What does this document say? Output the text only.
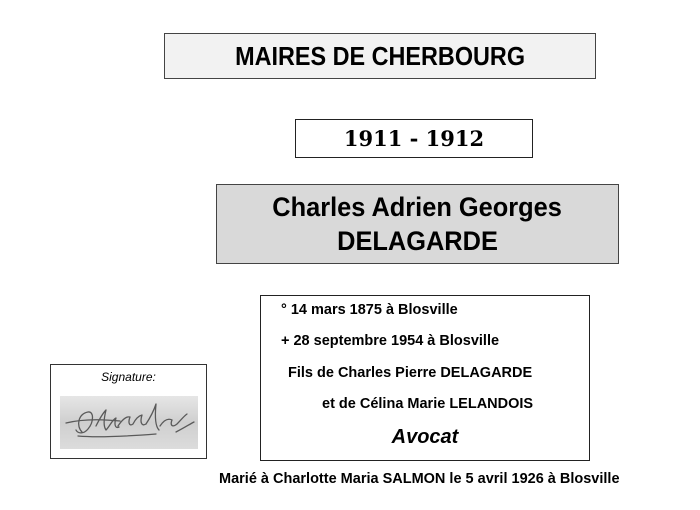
MAIRES DE CHERBOURG
1911 - 1912
Charles Adrien Georges
DELAGARDE
° 14 mars 1875 à Blosville
+ 28 septembre 1954 à Blosville
Fils de Charles Pierre DELAGARDE
et de Célina Marie LELANDOIS
Avocat
Signature:
Marié à Charlotte Maria SALMON le 5 avril 1926 à Blosville
